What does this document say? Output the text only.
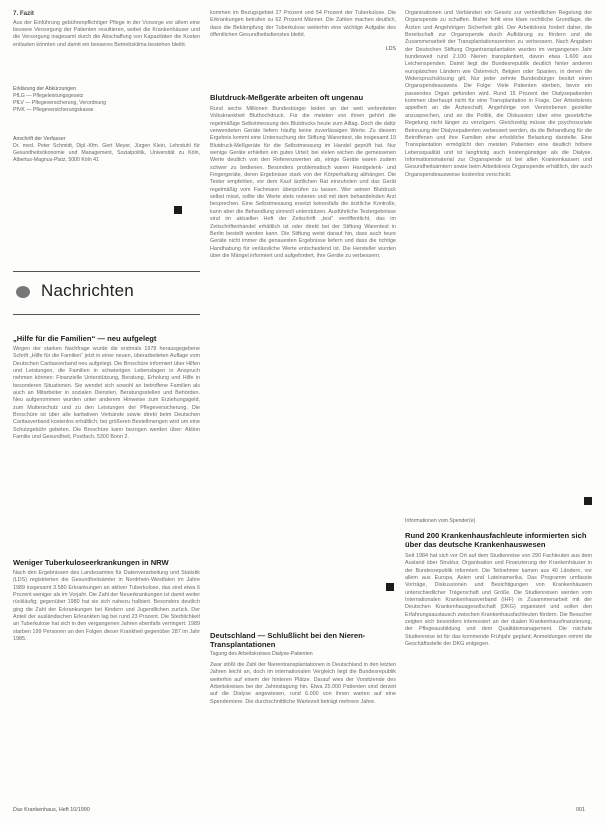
7. Fazit

Aus der Einführung gebührenpflichtiger Pflege in der Vorsorge vor allem eine bessere Versorgung der Patienten resultieren, wobei die Krankenhäuser und die Versorgung insgesamt durch die Abschaffung von Kapazitäten die Kosten entlasten könnten und damit ein besseres Betriebsklima bestehen bleibt.

Erklärung der Abkürzungen

PfLG — Pflegeleistungsgesetz

PfLV — Pflegeversicherung, Verordnung

PfVK — Pflegeversicherungskasse

Anschrift der Verfasser

Dr. med. Peter Schmidt, Dipl.-Kfm. Gert Meyer, Jürgen Klein, Lehrstuhl für Gesundheitsökonomie und Management, Sozialpolitik, Universität zu Köln, Albertus-Magnus-Platz, 5000 Köln 41

Nachrichten

„Hilfe für die Familien“ — neu aufgelegt

Wegen der starken Nachfrage wurde die erstmals 1978 herausgegebene Schrift „Hilfe für die Familien“ jetzt in einer neuen, überarbeiteten Auflage vom Deutschen Caritasverband neu aufgelegt. Die Broschüre informiert über Hilfen und Leistungen, die Familien in schwierigen Lebenslagen in Anspruch nehmen können: Finanzielle Unterstützung, Beratung, Erholung und Hilfe in besonderen Situationen. Sie wendet sich sowohl an betroffene Familien als auch an Mitarbeiter in sozialen Diensten, Beratungsstellen und Behörden. Neu aufgenommen wurden unter anderem Hinweise zum Erziehungsgeld, zum Mutterschutz und zu den Leistungen der Pflegeversicherung. Die Broschüre ist über alle karitativen Verbände sowie direkt beim Deutschen Caritasverband kostenlos erhältlich; bei größeren Bestellmengen wird um eine Schutzgebühr gebeten. Die Broschüre kann bezogen werden über: Aktion Familie und Gesundheit, Postfach, 5300 Bonn 2.

Weniger Tuberkuloseerkrankungen in NRW

Nach den Ergebnissen des Landesamtes für Datenverarbeitung und Statistik (LDS) registrierten die Gesundheitsämter in Nordrhein-Westfalen im Jahre 1989 insgesamt 3.580 Erkrankungen an aktiver Tuberkulose, das sind etwa 6 Prozent weniger als im Vorjahr. Die Zahl der Neuerkrankungen ist damit weiter rückläufig; gegenüber 1980 hat sie sich nahezu halbiert. Besonders deutlich ging die Zahl der Erkrankungen bei Kindern und Jugendlichen zurück. Der Anteil der ausländischen Erkrankten lag bei rund 23 Prozent. Die Sterblichkeit an Tuberkulose hat sich in den vergangenen Jahren ebenfalls verringert: 1989 starben 199 Personen an den Folgen dieser Krankheit gegenüber 287 im Jahr 1985.

kommen im Bezugsgebiet 27 Prozent und 54 Prozent der Tuberkulose. Die Erkrankungen betrafen zu 62 Prozent Männer. Die Zahlen machen deutlich, dass die Bekämpfung der Tuberkulose weiterhin eine wichtige Aufgabe des öffentlichen Gesundheitsdienstes bleibt.

LDS

Blutdruck-Meßgeräte arbeiten oft ungenau

Rund sechs Millionen Bundesbürger leiden an der weit verbreiteten Volkskrankheit Bluthochdruck. Für die meisten von ihnen gehört die regelmäßige Selbstmessung des Blutdrucks heute zum Alltag. Doch die dafür verwendeten Geräte liefern häufig keine zuverlässigen Werte. Zu diesem Ergebnis kommt eine Untersuchung der Stiftung Warentest, die insgesamt 19 Blutdruck-Meßgeräte für die Selbstmessung im Handel geprüft hat. Nur wenige Geräte erhielten ein gutes Urteil; bei vielen wichen die gemessenen Werte deutlich von den Referenzwerten ab, einige Geräte waren zudem schwer zu bedienen. Besonders problematisch waren Handgelenk- und Fingergeräte, deren Ergebnisse stark von der Körperhaltung abhängen. Die Tester empfehlen, vor dem Kauf ärztlichen Rat einzuholen und das Gerät regelmäßig vom Fachmann überprüfen zu lassen. Wer seinen Blutdruck selbst misst, sollte die Werte stets notieren und mit dem behandelnden Arzt besprechen. Eine Selbstmessung ersetzt keinesfalls die ärztliche Kontrolle, kann aber die Behandlung sinnvoll unterstützen. Ausführliche Testergebnisse sind im aktuellen Heft der Zeitschrift „test“ veröffentlicht, das im Zeitschriftenhandel erhältlich ist oder direkt bei der Stiftung Warentest in Berlin bestellt werden kann. Die Stiftung weist darauf hin, dass auch teure Geräte nicht immer die genauesten Ergebnisse liefern und dass die richtige Handhabung für verlässliche Werte entscheidend ist. Die Hersteller wurden über die Mängel informiert und aufgefordert, ihre Geräte zu verbessern.

Deutschland — Schlußlicht bei den Nieren-Transplantationen

Tagung des Arbeitskreises Dialyse-Patienten

Zwar stößt die Zahl der Nierentransplantationen in Deutschland in den letzten Jahren leicht an, doch im internationalen Vergleich liegt die Bundesrepublik weiterhin auf einem der hinteren Plätze. Darauf wies der Vorsitzende des Arbeitskreises bei der Jahrestagung hin. Etwa 25.000 Patienten sind derzeit auf die Dialyse angewiesen, rund 6.000 von ihnen warten auf eine Spenderniere. Die durchschnittliche Wartezeit beträgt mehrere Jahre.

Organisationen und Verbänden ein Gesetz zur verbindlichen Regelung der Organspende zu schaffen. Bisher fehlt eine klare rechtliche Grundlage, die Ärzten und Angehörigen Sicherheit gibt. Der Arbeitskreis fordert daher, die Bereitschaft zur Organspende durch Aufklärung zu fördern und die Zusammenarbeit der Transplantationszentren zu verbessern. Nach Angaben der Deutschen Stiftung Organtransplantation wurden im vergangenen Jahr bundesweit rund 2.100 Nieren transplantiert, davon etwa 1.600 aus Leichenspenden. Damit liegt die Bundesrepublik deutlich hinter anderen europäischen Ländern wie Österreich, Belgien oder Spanien, in denen die Widerspruchslösung gilt. Nur jeder zehnte Bundesbürger besitzt einen Organspendeausweis. Die Folge: Viele Patienten sterben, bevor ein passendes Organ gefunden wird. Rund 15 Prozent der Dialysepatienten kommen überhaupt nicht für eine Transplantation in Frage. Der Arbeitskreis appelliert an die Ärzteschaft, Angehörige von Verstorbenen gezielter anzusprechen, und an die Politik, die Diskussion über eine gesetzliche Regelung nicht länger zu verzögern. Gleichzeitig müsse die psychosoziale Betreuung der Dialysepatienten verbessert werden, da die Behandlung für die Betroffenen und ihre Familien eine erhebliche Belastung darstelle. Eine Transplantation ermöglicht den meisten Patienten eine deutlich höhere Lebensqualität und ist langfristig auch kostengünstiger als die Dialyse. Informationsmaterial zur Organspende ist bei allen Krankenkassen und Gesundheitsämtern sowie beim Arbeitskreis Organspende erhältlich, der auch Organspendeausweise kostenlos verschickt.

Informationen vom Spender(e)

Rund 200 Krankenhausfachleute informierten sich über das deutsche Krankenhauswesen

Seit 1984 hat sich vor Ort auf dem Studienreise von 290 Fachleuten aus dem Ausland über Struktur, Organisation und Finanzierung der Krankenhäuser in der Bundesrepublik informiert. Die Teilnehmer kamen aus 40 Ländern, vor allem aus Europa, Asien und Lateinamerika. Das Programm umfasste Vorträge, Diskussionen und Besichtigungen von Krankenhäusern unterschiedlicher Trägerschaft und Größe. Die Studienreisen werden vom Internationalen Krankenhausverband (IHF) in Zusammenarbeit mit der Deutschen Krankenhausgesellschaft (DKG) organisiert und sollen den Erfahrungsaustausch zwischen Krankenhausfachleuten fördern. Die Besucher zeigten sich besonders interessiert an der dualen Krankenhausfinanzierung, der Pflegeausbildung und dem Qualitätsmanagement. Die nächste Studienreise ist für das kommende Frühjahr geplant; Anmeldungen nimmt die Geschäftsstelle der DKG entgegen.

Das Krankenhaus, Heft 10/1990	001
